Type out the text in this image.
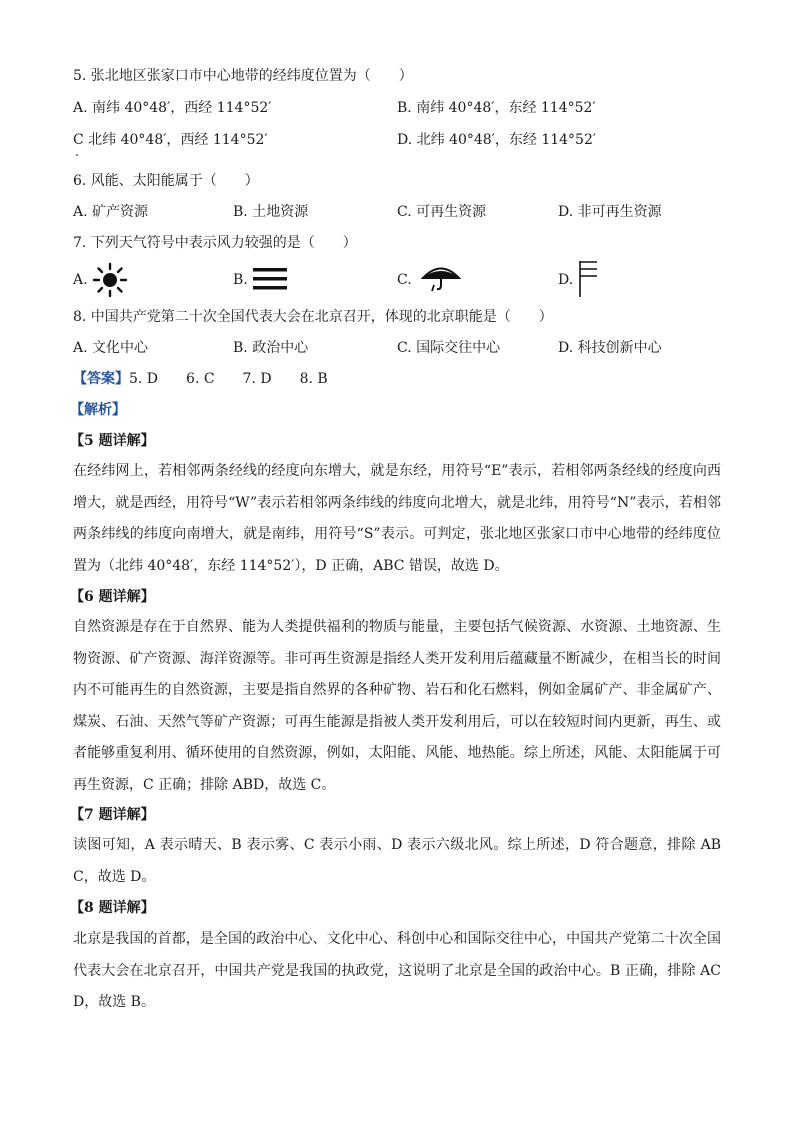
5. 张北地区张家口市中心地带的经纬度位置为（　　）
A. 南纬 40°48′，西经 114°52′	B. 南纬 40°48′，东经 114°52′
C 北纬 40°48′，西经 114°52′	D. 北纬 40°48′，东经 114°52′
6. 风能、太阳能属于（　　）
A. 矿产资源	B. 土地资源	C. 可再生资源	D. 非可再生资源
7. 下列天气符号中表示风力较强的是（　　）
A.	B.	C.	D.
8. 中国共产党第二十次全国代表大会在北京召开，体现的北京职能是（　　）
A. 文化中心	B. 政治中心	C. 国际交往中心	D. 科技创新中心
【答案】5. D　　6. C　　7. D　　8. B
【解析】
【5 题详解】
在经纬网上，若相邻两条经线的经度向东增大，就是东经，用符号“E”表示，若相邻两条经线的经度向西增大，就是西经，用符号“W”表示若相邻两条纬线的纬度向北增大，就是北纬，用符号“N”表示，若相邻两条纬线的纬度向南增大，就是南纬，用符号“S”表示。可判定，张北地区张家口市中心地带的经纬度位置为（北纬 40°48′，东经 114°52′），D 正确，ABC 错误，故选 D。
【6 题详解】
自然资源是存在于自然界、能为人类提供福利的物质与能量，主要包括气候资源、水资源、土地资源、生物资源、矿产资源、海洋资源等。非可再生资源是指经人类开发利用后蕴藏量不断减少，在相当长的时间内不可能再生的自然资源，主要是指自然界的各种矿物、岩石和化石燃料，例如金属矿产、非金属矿产、煤炭、石油、天然气等矿产资源；可再生能源是指被人类开发利用后，可以在较短时间内更新，再生、或者能够重复利用、循环使用的自然资源，例如，太阳能、风能、地热能。综上所述，风能、太阳能属于可再生资源，C 正确；排除 ABD，故选 C。
【7 题详解】
读图可知，A 表示晴天、B 表示雾、C 表示小雨、D 表示六级北风。综上所述，D 符合题意，排除 ABC，故选 D。
【8 题详解】
北京是我国的首都，是全国的政治中心、文化中心、科创中心和国际交往中心，中国共产党第二十次全国代表大会在北京召开，中国共产党是我国的执政党，这说明了北京是全国的政治中心。B 正确，排除 ACD，故选 B。
